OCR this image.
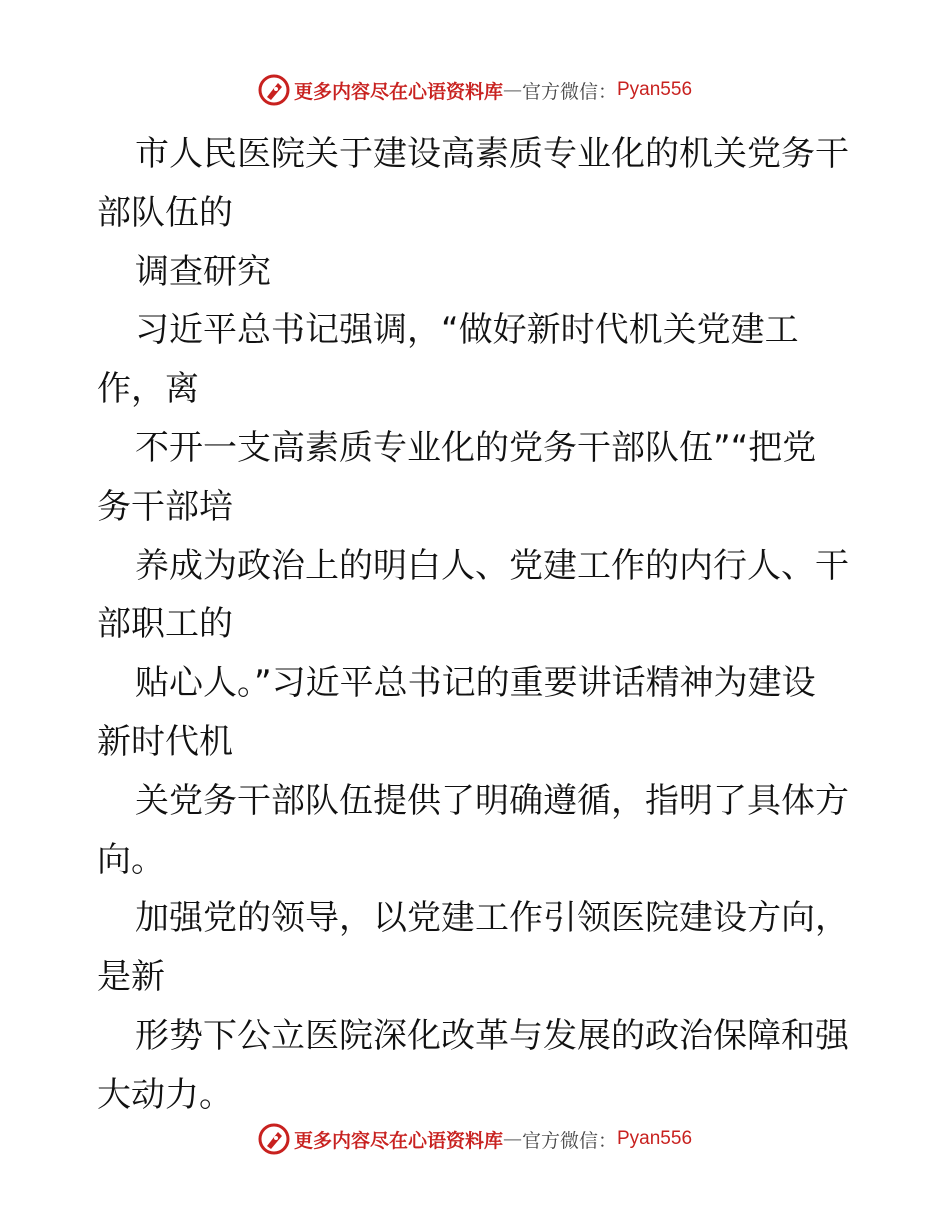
更多内容尽在心语资料库 — 官方微信： Pyan556
市人民医院关于建设高素质专业化的机关党务干
部队伍的
调查研究
习近平总书记强调，“做好新时代机关党建工
作，离
不开一支高素质专业化的党务干部队伍”“把党
务干部培
养成为政治上的明白人、党建工作的内行人、干
部职工的
贴心人。”习近平总书记的重要讲话精神为建设
新时代机
关党务干部队伍提供了明确遵循，指明了具体方
向。
加强党的领导，以党建工作引领医院建设方向，
是新
形势下公立医院深化改革与发展的政治保障和强
大动力。
更多内容尽在心语资料库 — 官方微信： Pyan556
